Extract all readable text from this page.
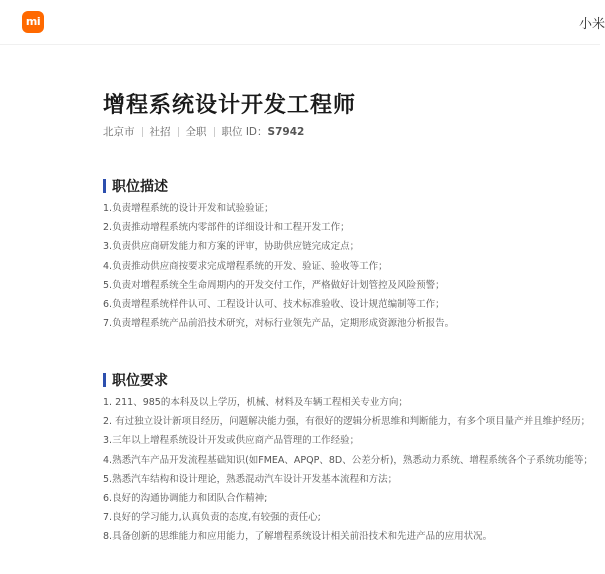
mi	小米
增程系统设计开发工程师
北京市 社招 全职 职位 ID： S7942
职位描述
1.负责增程系统的设计开发和试验验证；
2.负责推动增程系统内零部件的详细设计和工程开发工作；
3.负责供应商研发能力和方案的评审，协助供应链完成定点；
4.负责推动供应商按要求完成增程系统的开发、验证、验收等工作；
5.负责对增程系统全生命周期内的开发交付工作，严格做好计划管控及风险预警；
6.负责增程系统样件认可、工程设计认可、技术标准验收、设计规范编制等工作；
7.负责增程系统产品前沿技术研究，对标行业领先产品，定期形成资源池分析报告。
职位要求
1. 211、985的本科及以上学历，机械、材料及车辆工程相关专业方向；
2. 有过独立设计新项目经历，问题解决能力强，有很好的逻辑分析思维和判断能力，有多个项目量产并且维护经历；
3.三年以上增程系统设计开发或供应商产品管理的工作经验；
4.熟悉汽车产品开发流程基础知识(如FMEA、APQP、8D、公差分析)，熟悉动力系统、增程系统各个子系统功能等；
5.熟悉汽车结构和设计理论，熟悉混动汽车设计开发基本流程和方法；
6.良好的沟通协调能力和团队合作精神;
7.良好的学习能力,认真负责的态度,有较强的责任心;
8.具备创新的思维能力和应用能力，了解增程系统设计相关前沿技术和先进产品的应用状况。
